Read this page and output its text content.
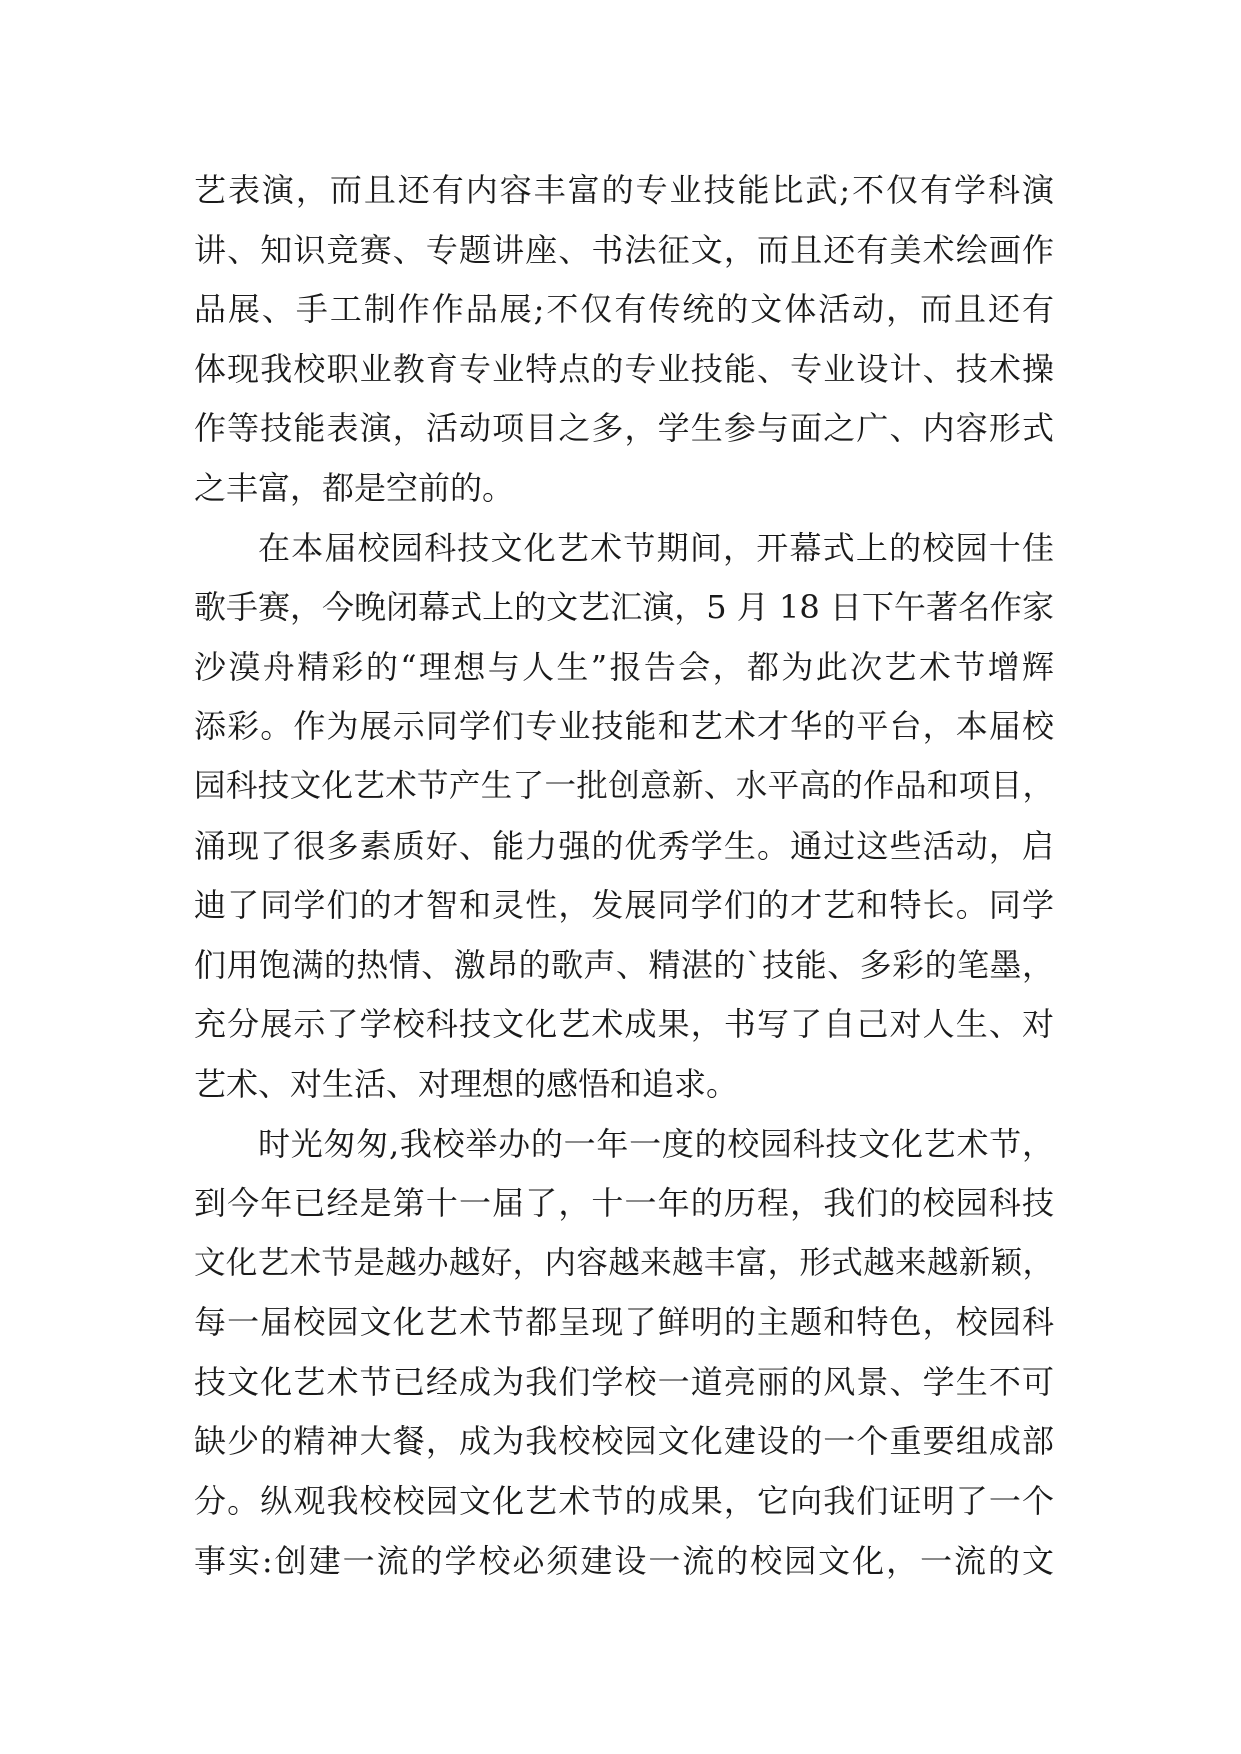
艺表演，而且还有内容丰富的专业技能比武;不仅有学科演
讲、知识竞赛、专题讲座、书法征文，而且还有美术绘画作
品展、手工制作作品展;不仅有传统的文体活动，而且还有
体现我校职业教育专业特点的专业技能、专业设计、技术操
作等技能表演，活动项目之多，学生参与面之广、内容形式
之丰富，都是空前的。
在本届校园科技文化艺术节期间，开幕式上的校园十佳
歌手赛，今晚闭幕式上的文艺汇演，5 月 18 日下午著名作家
沙漠舟精彩的“理想与人生”报告会，都为此次艺术节增辉
添彩。作为展示同学们专业技能和艺术才华的平台，本届校
园科技文化艺术节产生了一批创意新、水平高的作品和项目，
涌现了很多素质好、能力强的优秀学生。通过这些活动，启
迪了同学们的才智和灵性，发展同学们的才艺和特长。同学
们用饱满的热情、激昂的歌声、精湛的`技能、多彩的笔墨，
充分展示了学校科技文化艺术成果，书写了自己对人生、对
艺术、对生活、对理想的感悟和追求。
时光匆匆,我校举办的一年一度的校园科技文化艺术节，
到今年已经是第十一届了，十一年的历程，我们的校园科技
文化艺术节是越办越好，内容越来越丰富，形式越来越新颖，
每一届校园文化艺术节都呈现了鲜明的主题和特色，校园科
技文化艺术节已经成为我们学校一道亮丽的风景、学生不可
缺少的精神大餐，成为我校校园文化建设的一个重要组成部
分。纵观我校校园文化艺术节的成果，它向我们证明了一个
事实:创建一流的学校必须建设一流的校园文化，一流的文
